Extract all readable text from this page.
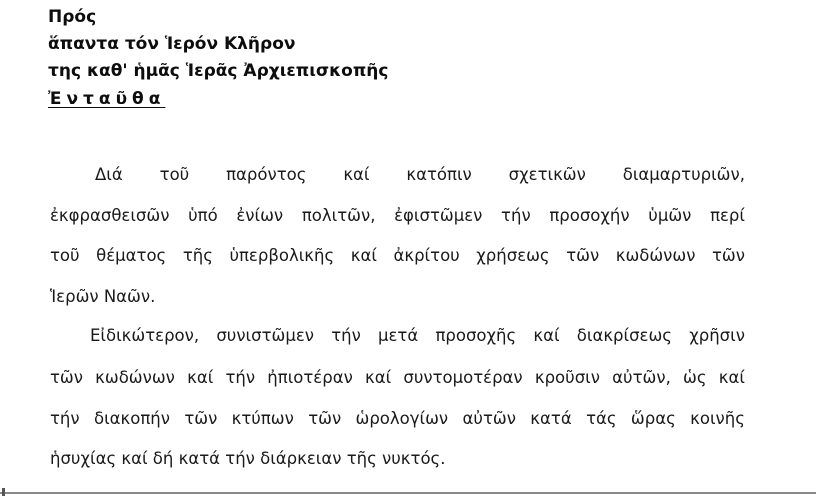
Πρός
ἅπαντα τόν Ἱερόν Κλῆρον
της καθ' ἡμᾶς Ἱερᾶς Ἀρχιεπισκοπῆς
Ἐνταῦθα
Διά τοῦ παρόντος καί κατόπιν σχετικῶν διαμαρτυριῶν,
ἐκφρασθεισῶν ὑπό ἐνίων πολιτῶν, ἐφιστῶμεν τήν προσοχήν ὑμῶν περί
τοῦ θέματος τῆς ὑπερβολικῆς καί ἀκρίτου χρήσεως τῶν κωδώνων τῶν
Ἱερῶν Ναῶν.
Εἰδικώτερον, συνιστῶμεν τήν μετά προσοχῆς καί διακρίσεως χρῆσιν
τῶν κωδώνων καί τήν ἠπιοτέραν καί συντομοτέραν κροῦσιν αὐτῶν, ὡς καί
τήν διακοπήν τῶν κτύπων τῶν ὡρολογίων αὐτῶν κατά τάς ὥρας κοινῆς
ἡσυχίας καί δή κατά τήν διάρκειαν τῆς νυκτός.
